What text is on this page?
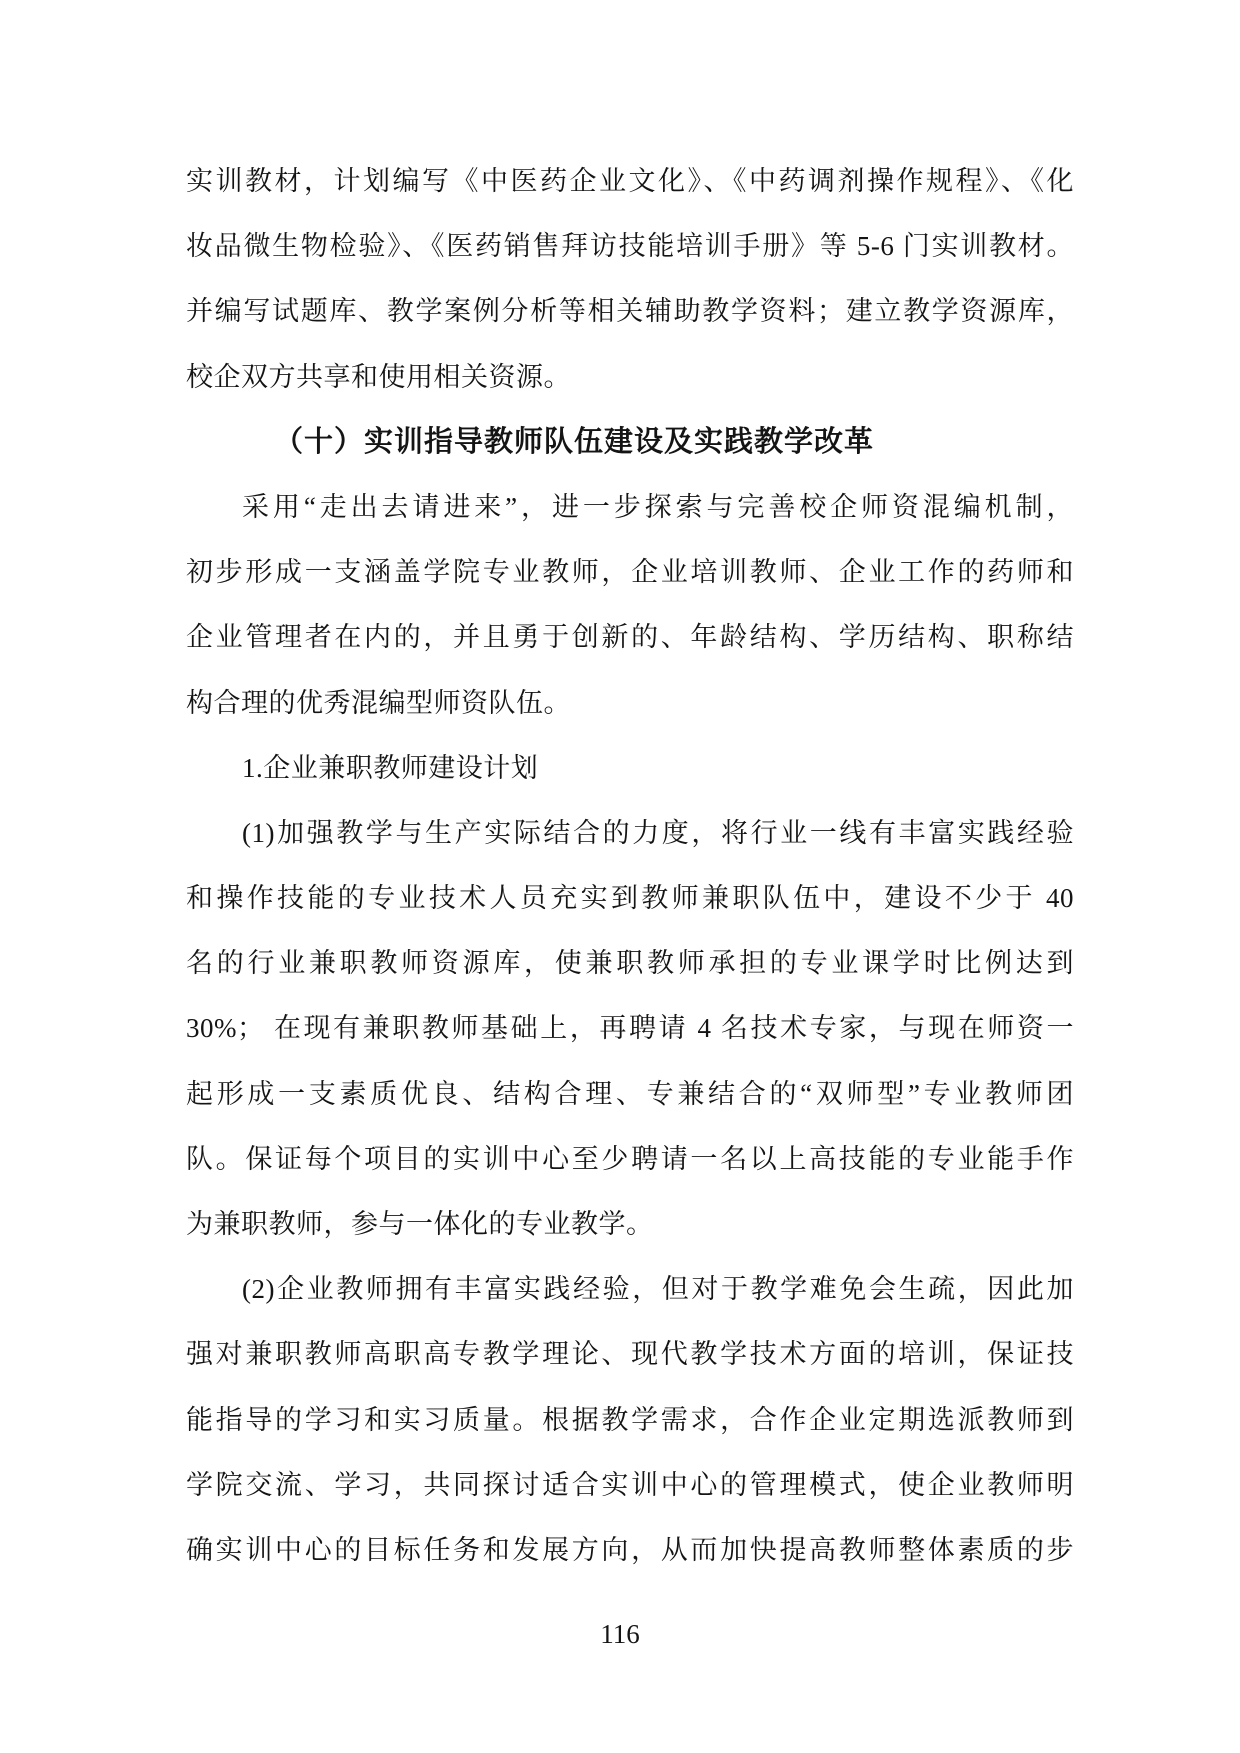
实训教材，计划编写《中医药企业文化》、《中药调剂操作规程》、《化
妆品微生物检验》、《医药销售拜访技能培训手册》等 5-6 门实训教材。
并编写试题库、教学案例分析等相关辅助教学资料；建立教学资源库，
校企双方共享和使用相关资源。
（十）实训指导教师队伍建设及实践教学改革
采用“走出去请进来”，进一步探索与完善校企师资混编机制，
初步形成一支涵盖学院专业教师，企业培训教师、企业工作的药师和
企业管理者在内的，并且勇于创新的、年龄结构、学历结构、职称结
构合理的优秀混编型师资队伍。
1.企业兼职教师建设计划
(1)加强教学与生产实际结合的力度，将行业一线有丰富实践经验
和操作技能的专业技术人员充实到教师兼职队伍中，建设不少于 40
名的行业兼职教师资源库，使兼职教师承担的专业课学时比例达到
30%； 在现有兼职教师基础上，再聘请 4 名技术专家，与现在师资一
起形成一支素质优良、结构合理、专兼结合的“双师型”专业教师团
队。保证每个项目的实训中心至少聘请一名以上高技能的专业能手作
为兼职教师，参与一体化的专业教学。
(2)企业教师拥有丰富实践经验，但对于教学难免会生疏，因此加
强对兼职教师高职高专教学理论、现代教学技术方面的培训，保证技
能指导的学习和实习质量。根据教学需求，合作企业定期选派教师到
学院交流、学习，共同探讨适合实训中心的管理模式，使企业教师明
确实训中心的目标任务和发展方向，从而加快提高教师整体素质的步
116
